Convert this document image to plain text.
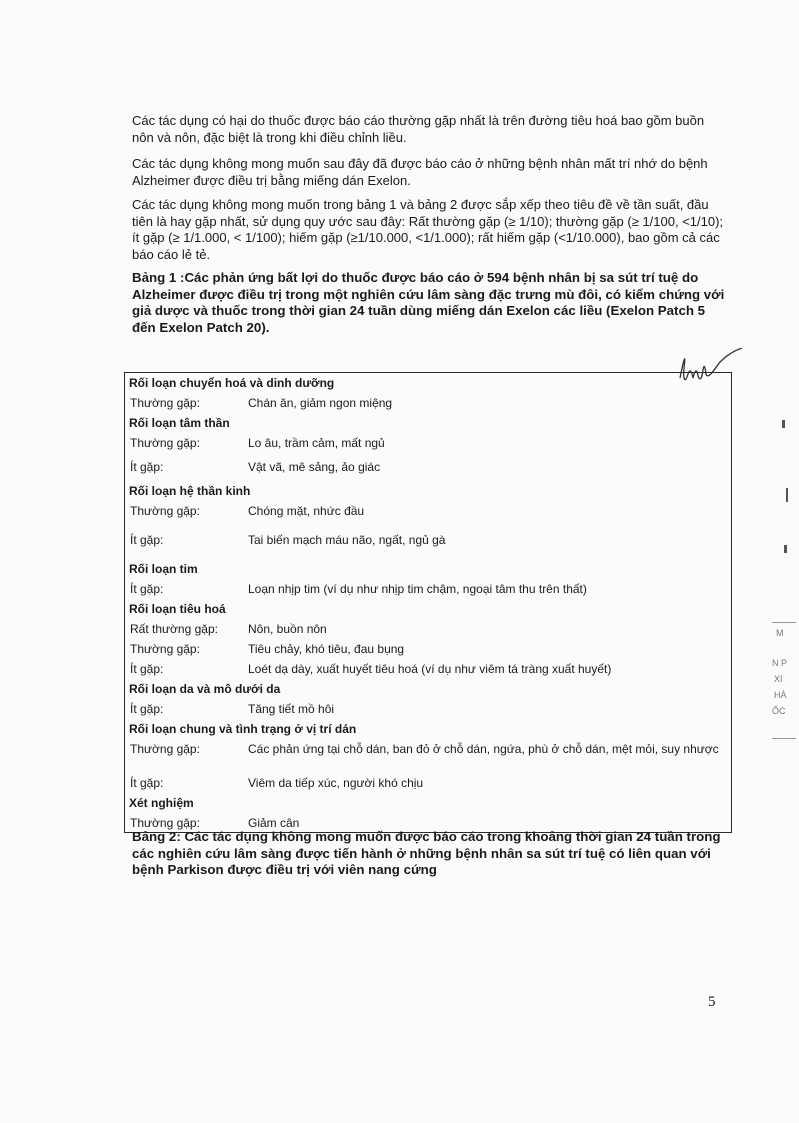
Các tác dụng có hại do thuốc được báo cáo thường gặp nhất là trên đường tiêu hoá bao gồm buồn nôn và nôn, đặc biệt là trong khi điều chỉnh liều.

Các tác dụng không mong muốn sau đây đã được báo cáo ở những bệnh nhân mất trí nhớ do bệnh Alzheimer được điều trị bằng miếng dán Exelon.

Các tác dụng không mong muốn trong bảng 1 và bảng 2 được sắp xếp theo tiêu đề về tần suất, đầu tiên là hay gặp nhất, sử dụng quy ước sau đây: Rất thường gặp (≥ 1/10); thường gặp (≥ 1/100, <1/10); ít gặp (≥ 1/1.000, < 1/100); hiếm gặp (≥1/10.000, <1/1.000); rất hiếm gặp (<1/10.000), bao gồm cả các báo cáo lẻ tẻ.

Bảng 1 :Các phản ứng bất lợi do thuốc được báo cáo ở 594 bệnh nhân bị sa sút trí tuệ do Alzheimer được điều trị trong một nghiên cứu lâm sàng đặc trưng mù đôi, có kiểm chứng với giả dược và thuốc trong thời gian 24 tuần dùng miếng dán Exelon các liều (Exelon Patch 5 đến Exelon Patch 20).

Rối loạn chuyển hoá và dinh dưỡng	
Thường gặp:	Chán ăn, giảm ngon miệng
Rối loạn tâm thần	
Thường gặp:	Lo âu, trầm cảm, mất ngủ
Ít gặp:	Vật vã, mê sảng, ảo giác
Rối loạn hệ thần kinh	
Thường gặp:	Chóng mặt, nhức đầu
Ít gặp:	Tai biến mạch máu não, ngất, ngủ gà
Rối loạn tim	
Ít gặp:	Loạn nhịp tim (ví dụ như nhịp tim chậm, ngoại tâm thu trên thất)
Rối loạn tiêu hoá	
Rất thường gặp:	Nôn, buồn nôn
Thường gặp:	Tiêu chảy, khó tiêu, đau bụng
Ít gặp:	Loét dạ dày, xuất huyết tiêu hoá (ví dụ như viêm tá tràng xuất huyết)
Rối loạn da và mô dưới da	
Ít gặp:	Tăng tiết mồ hôi
Rối loạn chung và tình trạng ở vị trí dán	
Thường gặp:	Các phản ứng tại chỗ dán, ban đỏ ở chỗ dán, ngứa, phù ở chỗ dán, mệt mỏi, suy nhược
Ít gặp:	Viêm da tiếp xúc, người khó chịu
Xét nghiệm	
Thường gặp:	Giảm cân

Bảng 2: Các tác dụng không mong muốn được báo cáo trong khoảng thời gian 24 tuần trong các nghiên cứu lâm sàng được tiến hành ở những bệnh nhân sa sút trí tuệ có liên quan với bệnh Parkison được điều trị với viên nang cứng

5
M
N P
XI
HÀ
ỐC
